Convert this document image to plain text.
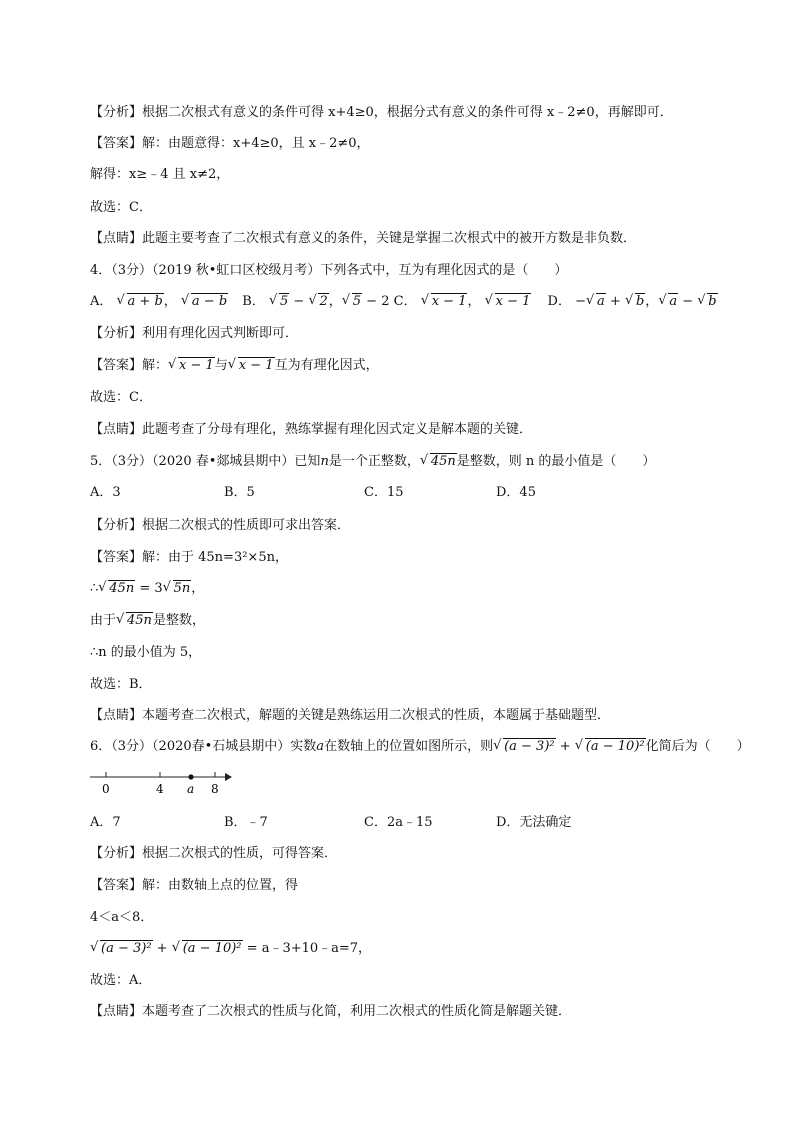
【分析】根据二次根式有意义的条件可得 x+4≥0，根据分式有意义的条件可得 x﹣2≠0，再解即可．
【答案】解：由题意得：x+4≥0，且 x﹣2≠0，
解得：x≥﹣4 且 x≠2，
故选：C．
【点睛】此题主要考查了二次根式有意义的条件，关键是掌握二次根式中的被开方数是非负数．
4．（3分）（2019 秋•虹口区校级月考）下列各式中，互为有理化因式的是（　　）
A． √ a + b， √ a − b B． √ 5 − √ 2， √ 5 − 2 C． √ x − 1， √ x − 1 D． − √ a + √ b， √ a − √ b
【分析】利用有理化因式判断即可．
【答案】解： √ x − 1与 √ x − 1互为有理化因式，
故选：C．
【点睛】此题考查了分母有理化，熟练掌握有理化因式定义是解本题的关键．
5．（3分）（2020 春•郯城县期中）已知n是一个正整数， √ 45n是整数，则 n 的最小值是（　　）
A．3	B．5	C．15	D．45
【分析】根据二次根式的性质即可求出答案．
【答案】解：由于 45n=3²×5n，
∴ √ 45n = 3 √ 5n，
由于 √ 45n是整数，
∴n 的最小值为 5，
故选：B．
【点睛】本题考查二次根式，解题的关键是熟练运用二次根式的性质，本题属于基础题型．
6．（3分）（2020春•石城县期中）实数a在数轴上的位置如图所示，则 √ (a − 3)² + √ (a − 10)²化简后为（　　）
0	4 a 8
A．7	B．﹣7	C．2a﹣15	D．无法确定
【分析】根据二次根式的性质，可得答案．
【答案】解：由数轴上点的位置，得
4＜a＜8．
√ (a − 3)² + √ (a − 10)² = a﹣3+10﹣a=7，
故选：A．
【点睛】本题考查了二次根式的性质与化简，利用二次根式的性质化简是解题关键．
